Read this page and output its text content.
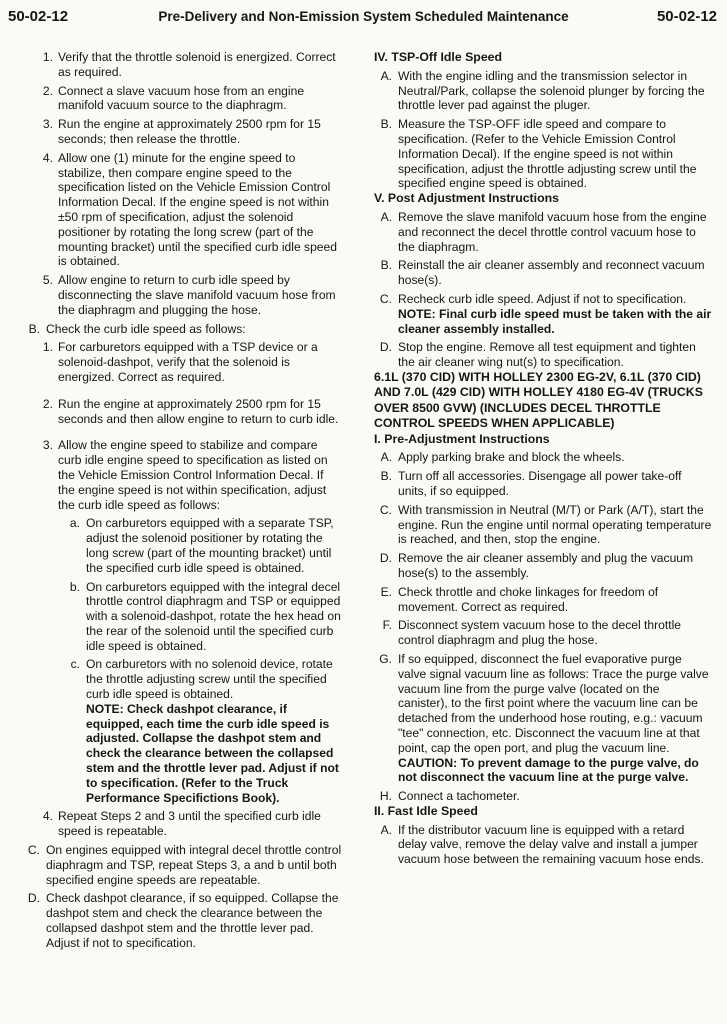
50-02-12	Pre-Delivery and Non-Emission System Scheduled Maintenance	50-02-12
1. Verify that the throttle solenoid is energized. Correct as required.
2. Connect a slave vacuum hose from an engine manifold vacuum source to the diaphragm.
3. Run the engine at approximately 2500 rpm for 15 seconds; then release the throttle.
4. Allow one (1) minute for the engine speed to stabilize, then compare engine speed to the specification listed on the Vehicle Emission Control Information Decal. If the engine speed is not within ±50 rpm of specification, adjust the solenoid positioner by rotating the long screw (part of the mounting bracket) until the specified curb idle speed is obtained.
5. Allow engine to return to curb idle speed by disconnecting the slave manifold vacuum hose from the diaphragm and plugging the hose.
B. Check the curb idle speed as follows:
1. For carburetors equipped with a TSP device or a solenoid-dashpot, verify that the solenoid is energized. Correct as required.
2. Run the engine at approximately 2500 rpm for 15 seconds and then allow engine to return to curb idle.
3. Allow the engine speed to stabilize and compare curb idle engine speed to specification as listed on the Vehicle Emission Control Information Decal. If the engine speed is not within specification, adjust the curb idle speed as follows:
a. On carburetors equipped with a separate TSP, adjust the solenoid positioner by rotating the long screw (part of the mounting bracket) until the specified curb idle speed is obtained.
b. On carburetors equipped with the integral decel throttle control diaphragm and TSP or equipped with a solenoid-dashpot, rotate the hex head on the rear of the solenoid until the specified curb idle speed is obtained.
c. On carburetors with no solenoid device, rotate the throttle adjusting screw until the specified curb idle speed is obtained.
NOTE: Check dashpot clearance, if equipped, each time the curb idle speed is adjusted. Collapse the dashpot stem and check the clearance between the collapsed stem and the throttle lever pad. Adjust if not to specification. (Refer to the Truck Performance Specifictions Book).
4. Repeat Steps 2 and 3 until the specified curb idle speed is repeatable.
C. On engines equipped with integral decel throttle control diaphragm and TSP, repeat Steps 3, a and b until both specified engine speeds are repeatable.
D. Check dashpot clearance, if so equipped. Collapse the dashpot stem and check the clearance between the collapsed dashpot stem and the throttle lever pad. Adjust if not to specification.
IV. TSP-Off Idle Speed
A. With the engine idling and the transmission selector in Neutral/Park, collapse the solenoid plunger by forcing the throttle lever pad against the pluger.
B. Measure the TSP-OFF idle speed and compare to specification. (Refer to the Vehicle Emission Control Information Decal). If the engine speed is not within specification, adjust the throttle adjusting screw until the specified engine speed is obtained.
V. Post Adjustment Instructions
A. Remove the slave manifold vacuum hose from the engine and reconnect the decel throttle control vacuum hose to the diaphragm.
B. Reinstall the air cleaner assembly and reconnect vacuum hose(s).
C. Recheck curb idle speed. Adjust if not to specification.
NOTE: Final curb idle speed must be taken with the air cleaner assembly installed.
D. Stop the engine. Remove all test equipment and tighten the air cleaner wing nut(s) to specification.
6.1L (370 CID) WITH HOLLEY 2300 EG-2V, 6.1L (370 CID) AND 7.0L (429 CID) WITH HOLLEY 4180 EG-4V (TRUCKS OVER 8500 GVW) (INCLUDES DECEL THROTTLE CONTROL SPEEDS WHEN APPLICABLE)
I. Pre-Adjustment Instructions
A. Apply parking brake and block the wheels.
B. Turn off all accessories. Disengage all power take-off units, if so equipped.
C. With transmission in Neutral (M/T) or Park (A/T), start the engine. Run the engine until normal operating temperature is reached, and then, stop the engine.
D. Remove the air cleaner assembly and plug the vacuum hose(s) to the assembly.
E. Check throttle and choke linkages for freedom of movement. Correct as required.
F. Disconnect system vacuum hose to the decel throttle control diaphragm and plug the hose.
G. If so equipped, disconnect the fuel evaporative purge valve signal vacuum line as follows: Trace the purge valve vacuum line from the purge valve (located on the canister), to the first point where the vacuum line can be detached from the underhood hose routing, e.g.: vacuum "tee" connection, etc. Disconnect the vacuum line at that point, cap the open port, and plug the vacuum line.
CAUTION: To prevent damage to the purge valve, do not disconnect the vacuum line at the purge valve.
H. Connect a tachometer.
II. Fast Idle Speed
A. If the distributor vacuum line is equipped with a retard delay valve, remove the delay valve and install a jumper vacuum hose between the remaining vacuum hose ends.
